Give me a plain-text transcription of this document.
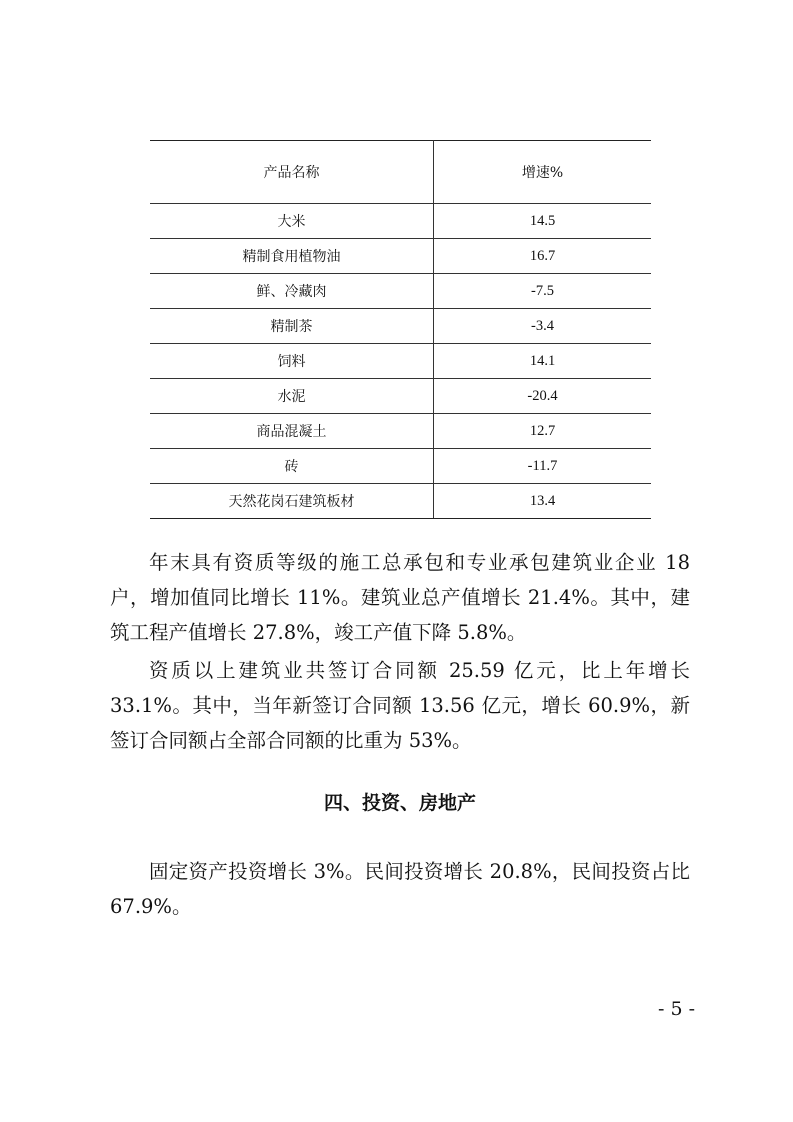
产品名称	增速%
大米	14.5
精制食用植物油	16.7
鲜、冷藏肉	-7.5
精制茶	-3.4
饲料	14.1
水泥	-20.4
商品混凝土	12.7
砖	-11.7
天然花岗石建筑板材	13.4

年末具有资质等级的施工总承包和专业承包建筑业企业 18 户，增加值同比增长 11%。建筑业总产值增长 21.4%。其中，建筑工程产值增长 27.8%，竣工产值下降 5.8%。

资质以上建筑业共签订合同额 25.59 亿元，比上年增长 33.1%。其中，当年新签订合同额 13.56 亿元，增长 60.9%，新签订合同额占全部合同额的比重为 53%。

四、投资、房地产

固定资产投资增长 3%。民间投资增长 20.8%，民间投资占比 67.9%。

- 5 -
